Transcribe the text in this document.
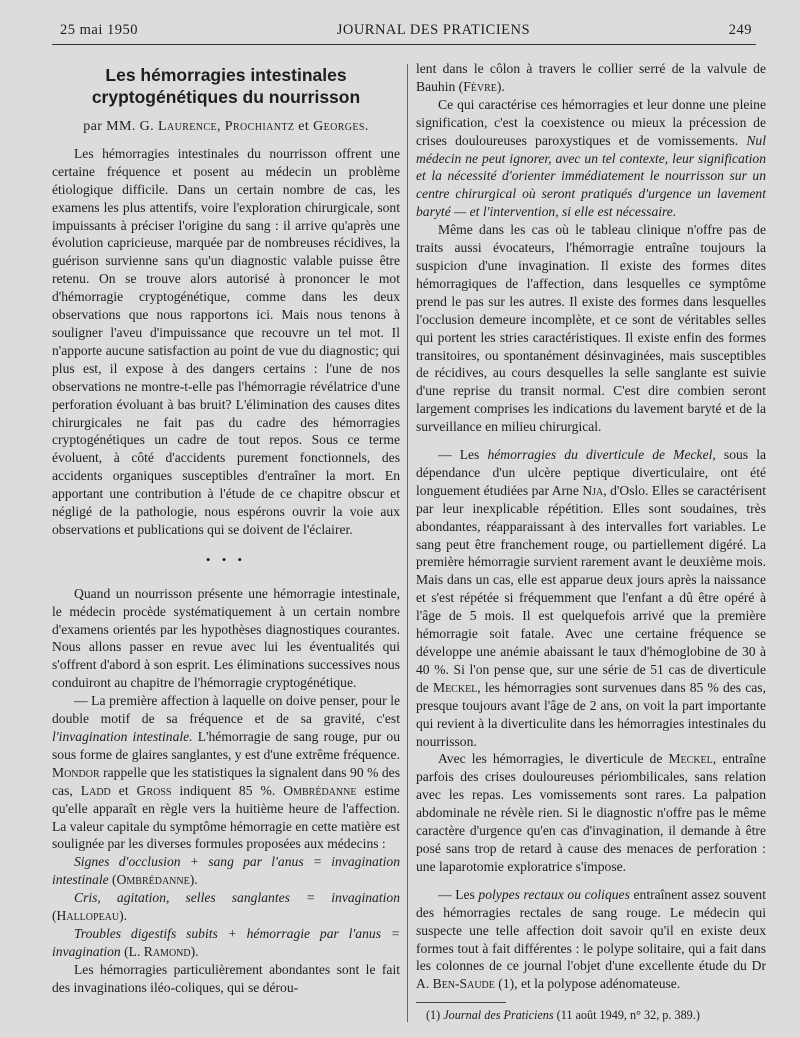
25 mai 1950	JOURNAL DES PRATICIENS	249
Les hémorragies intestinales
cryptogénétiques du nourrisson
par MM. G. Laurence, Prochiantz et Georges.

Les hémorragies intestinales du nourrisson offrent une certaine fréquence et posent au médecin un problème étiologique difficile. Dans un certain nombre de cas, les examens les plus attentifs, voire l'exploration chirurgicale, sont impuissants à préciser l'origine du sang : il arrive qu'après une évolution capricieuse, marquée par de nombreuses récidives, la guérison survienne sans qu'un diagnostic valable puisse être retenu. On se trouve alors autorisé à prononcer le mot d'hémorragie cryptogénétique, comme dans les deux observations que nous rapportons ici. Mais nous tenons à souligner l'aveu d'impuissance que recouvre un tel mot. Il n'apporte aucune satisfaction au point de vue du diagnostic; qui plus est, il expose à des dangers certains : l'une de nos observations ne montre-t-elle pas l'hémorragie révélatrice d'une perforation évoluant à bas bruit? L'élimination des causes dites chirurgicales ne fait pas du cadre des hémorragies cryptogénétiques un cadre de tout repos. Sous ce terme évoluent, à côté d'accidents purement fonctionnels, des accidents organiques susceptibles d'entraîner la mort. En apportant une contribution à l'étude de ce chapitre obscur et négligé de la pathologie, nous espérons ouvrir la voie aux observations et publications qui se doivent de l'éclairer.

• • •

Quand un nourrisson présente une hémorragie intestinale, le médecin procède systématiquement à un certain nombre d'examens orientés par les hypothèses diagnostiques courantes. Nous allons passer en revue avec lui les éventualités qui s'offrent d'abord à son esprit. Les éliminations successives nous conduiront au chapitre de l'hémorragie cryptogénétique.

— La première affection à laquelle on doive penser, pour le double motif de sa fréquence et de sa gravité, c'est l'invagination intestinale. L'hémorragie de sang rouge, pur ou sous forme de glaires sanglantes, y est d'une extrême fréquence. Mondor rappelle que les statistiques la signalent dans 90 % des cas, Ladd et Gross indiquent 85 %. Ombrédanne estime qu'elle apparaît en règle vers la huitième heure de l'affection. La valeur capitale du symptôme hémorragie en cette matière est soulignée par les diverses formules proposées aux médecins :

Signes d'occlusion + sang par l'anus = invagination intestinale (Ombrédanne).

Cris, agitation, selles sanglantes = invagination (Hallopeau).

Troubles digestifs subits + hémorragie par l'anus = invagination (L. Ramond).

Les hémorragies particulièrement abondantes sont le fait des invaginations iléo-coliques, qui se dérou-

lent dans le côlon à travers le collier serré de la valvule de Bauhin (Fèvre).

Ce qui caractérise ces hémorragies et leur donne une pleine signification, c'est la coexistence ou mieux la précession de crises douloureuses paroxystiques et de vomissements. Nul médecin ne peut ignorer, avec un tel contexte, leur signification et la nécessité d'orienter immédiatement le nourrisson sur un centre chirurgical où seront pratiqués d'urgence un lavement baryté — et l'intervention, si elle est nécessaire.

Même dans les cas où le tableau clinique n'offre pas de traits aussi évocateurs, l'hémorragie entraîne toujours la suspicion d'une invagination. Il existe des formes dites hémorragiques de l'affection, dans lesquelles ce symptôme prend le pas sur les autres. Il existe des formes dans lesquelles l'occlusion demeure incomplète, et ce sont de véritables selles qui portent les stries caractéristiques. Il existe enfin des formes transitoires, ou spontanément désinvaginées, mais susceptibles de récidives, au cours desquelles la selle sanglante est suivie d'une reprise du transit normal. C'est dire combien seront largement comprises les indications du lavement baryté et de la surveillance en milieu chirurgical.

— Les hémorragies du diverticule de Meckel, sous la dépendance d'un ulcère peptique diverticulaire, ont été longuement étudiées par Arne Nja, d'Oslo. Elles se caractérisent par leur inexplicable répétition. Elles sont soudaines, très abondantes, réapparaissant à des intervalles fort variables. Le sang peut être franchement rouge, ou partiellement digéré. La première hémorragie survient rarement avant le deuxième mois. Mais dans un cas, elle est apparue deux jours après la naissance et s'est répétée si fréquemment que l'enfant a dû être opéré à l'âge de 5 mois. Il est quelquefois arrivé que la première hémorragie soit fatale. Avec une certaine fréquence se développe une anémie abaissant le taux d'hémoglobine de 30 à 40 %. Si l'on pense que, sur une série de 51 cas de diverticule de Meckel, les hémorragies sont survenues dans 85 % des cas, presque toujours avant l'âge de 2 ans, on voit la part importante qui revient à la diverticulite dans les hémorragies intestinales du nourrisson.

Avec les hémorragies, le diverticule de Meckel, entraîne parfois des crises douloureuses périombilicales, sans relation avec les repas. Les vomissements sont rares. La palpation abdominale ne révèle rien. Si le diagnostic n'offre pas le même caractère d'urgence qu'en cas d'invagination, il demande à être posé sans trop de retard à cause des menaces de perforation : une laparotomie exploratrice s'impose.

— Les polypes rectaux ou coliques entraînent assez souvent des hémorragies rectales de sang rouge. Le médecin qui suspecte une telle affection doit savoir qu'il en existe deux formes tout à fait différentes : le polype solitaire, qui a fait dans les colonnes de ce journal l'objet d'une excellente étude du Dr A. Ben-Saude (1), et la polypose adénomateuse.

(1) Journal des Praticiens (11 août 1949, n° 32, p. 389.)
